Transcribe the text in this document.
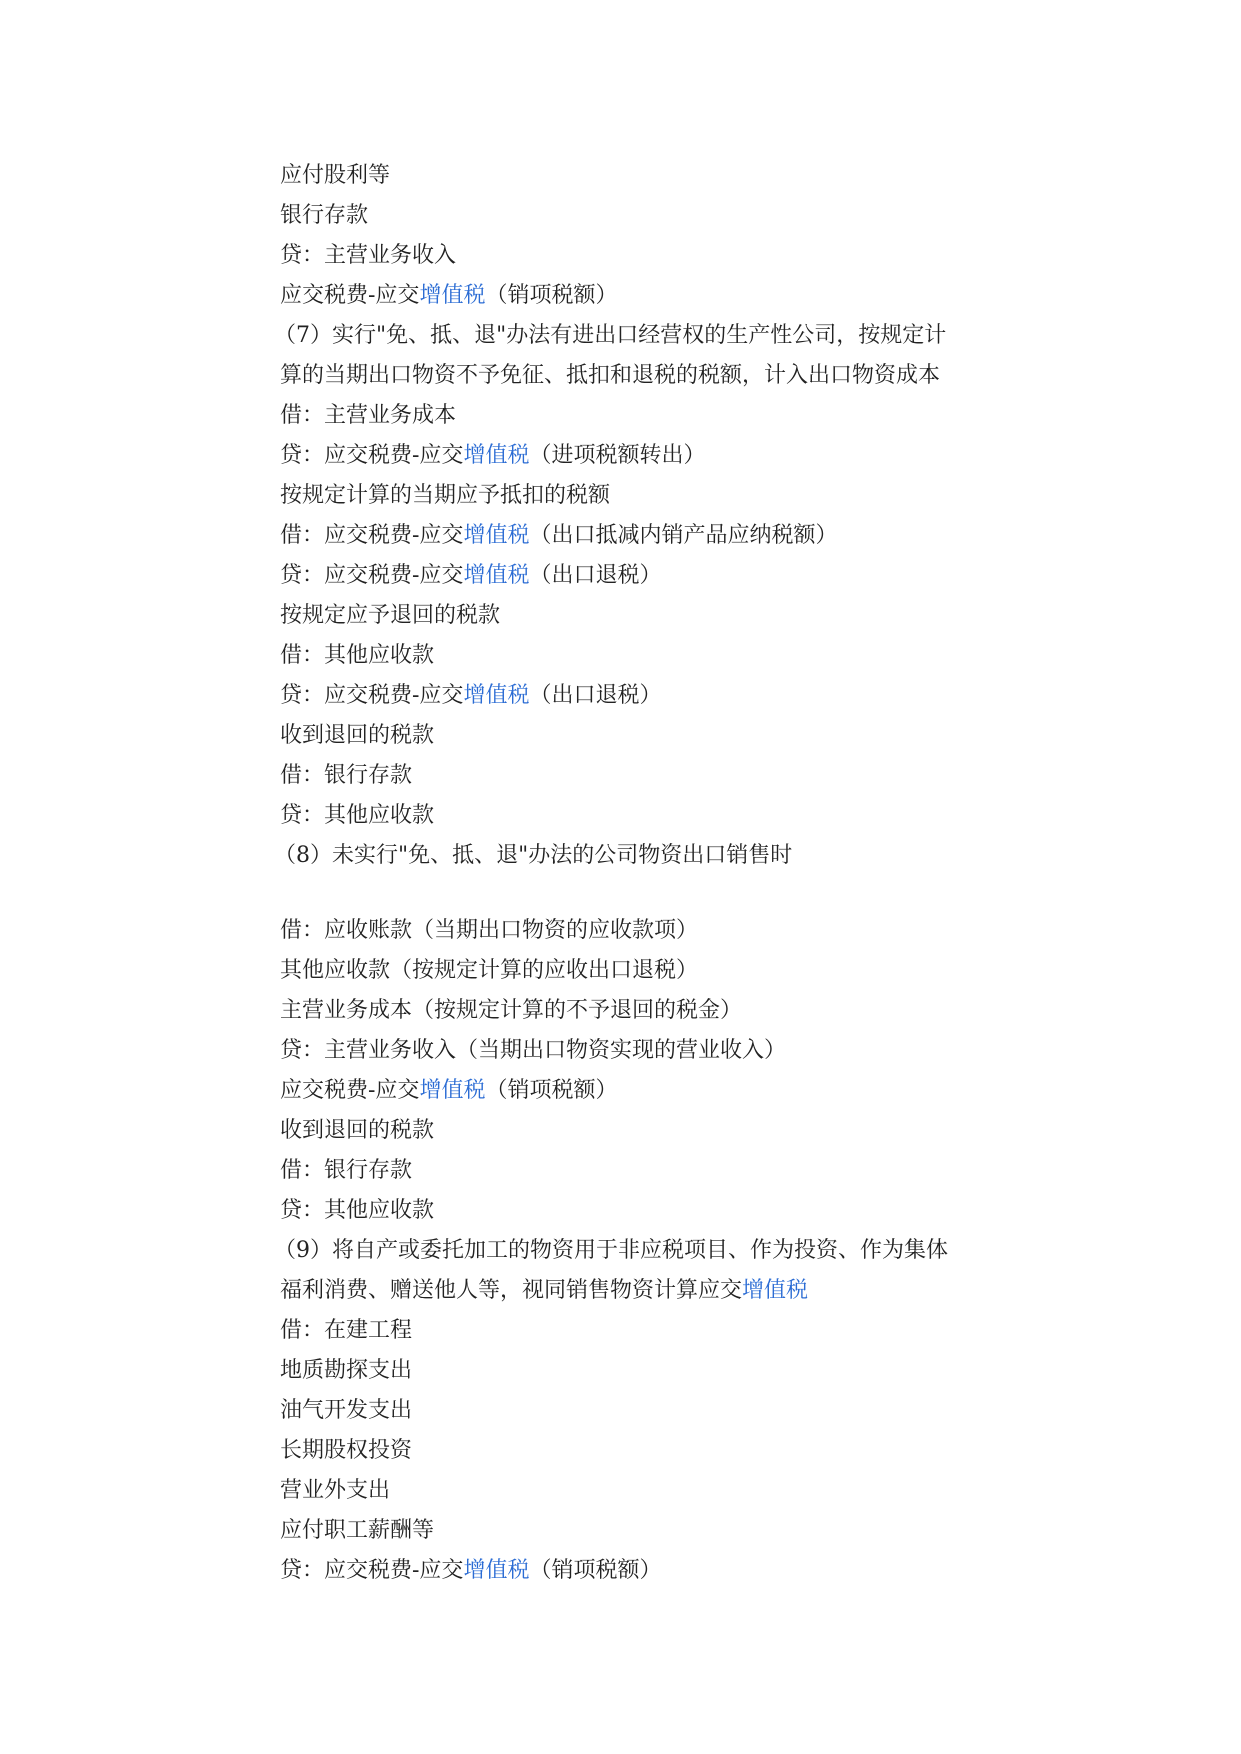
应付股利等
银行存款
贷：主营业务收入
应交税费-应交增值税（销项税额）
（7）实行"免、抵、退"办法有进出口经营权的生产性公司，按规定计
算的当期出口物资不予免征、抵扣和退税的税额，计入出口物资成本
借：主营业务成本
贷：应交税费-应交增值税（进项税额转出）
按规定计算的当期应予抵扣的税额
借：应交税费-应交增值税（出口抵减内销产品应纳税额）
贷：应交税费-应交增值税（出口退税）
按规定应予退回的税款
借：其他应收款
贷：应交税费-应交增值税（出口退税）
收到退回的税款
借：银行存款
贷：其他应收款
（8）未实行"免、抵、退"办法的公司物资出口销售时
借：应收账款（当期出口物资的应收款项）
其他应收款（按规定计算的应收出口退税）
主营业务成本（按规定计算的不予退回的税金）
贷：主营业务收入（当期出口物资实现的营业收入）
应交税费-应交增值税（销项税额）
收到退回的税款
借：银行存款
贷：其他应收款
（9）将自产或委托加工的物资用于非应税项目、作为投资、作为集体
福利消费、赠送他人等，视同销售物资计算应交增值税
借：在建工程
地质勘探支出
油气开发支出
长期股权投资
营业外支出
应付职工薪酬等
贷：应交税费-应交增值税（销项税额）
